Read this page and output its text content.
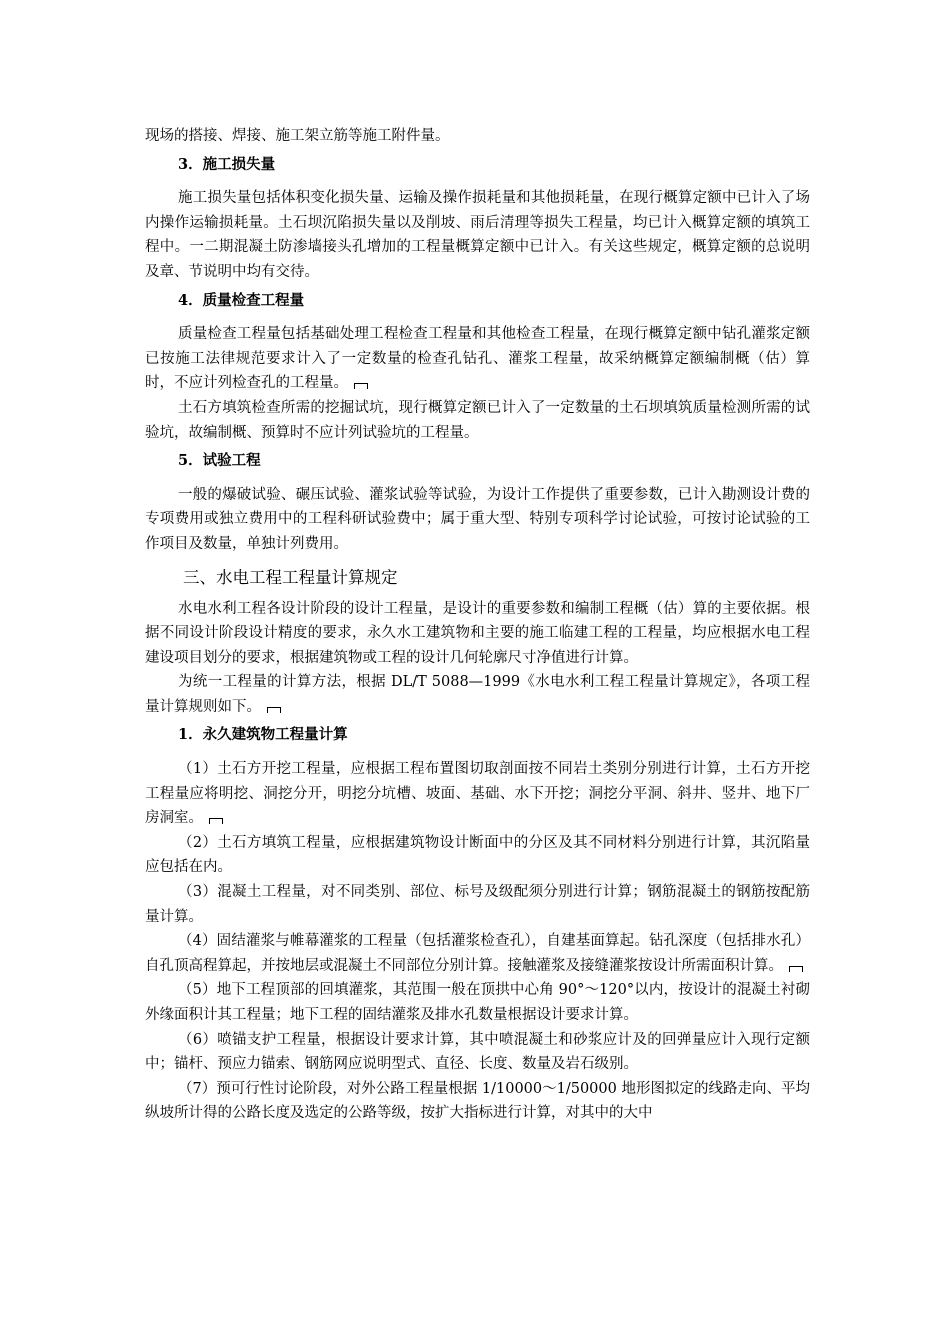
现场的搭接、焊接、施工架立筋等施工附件量。

3．施工损失量

施工损失量包括体积变化损失量、运输及操作损耗量和其他损耗量，在现行概算定额中已计入了场内操作运输损耗量。土石坝沉陷损失量以及削坡、雨后清理等损失工程量，均已计入概算定额的填筑工程中。一二期混凝土防渗墙接头孔增加的工程量概算定额中已计入。有关这些规定，概算定额的总说明及章、节说明中均有交待。

4．质量检查工程量

质量检查工程量包括基础处理工程检查工程量和其他检查工程量，在现行概算定额中钻孔灌浆定额已按施工法律规范要求计入了一定数量的检查孔钻孔、灌浆工程量，故采纳概算定额编制概（估）算时，不应计列检查孔的工程量。

土石方填筑检查所需的挖掘试坑，现行概算定额已计入了一定数量的土石坝填筑质量检测所需的试验坑，故编制概、预算时不应计列试验坑的工程量。

5．试验工程

一般的爆破试验、碾压试验、灌浆试验等试验，为设计工作提供了重要参数，已计入勘测设计费的专项费用或独立费用中的工程科研试验费中；属于重大型、特别专项科学讨论试验，可按讨论试验的工作项目及数量，单独计列费用。

三、水电工程工程量计算规定

水电水利工程各设计阶段的设计工程量，是设计的重要参数和编制工程概（估）算的主要依据。根据不同设计阶段设计精度的要求，永久水工建筑物和主要的施工临建工程的工程量，均应根据水电工程建设项目划分的要求，根据建筑物或工程的设计几何轮廓尺寸净值进行计算。

为统一工程量的计算方法，根据 DL/T 5088—1999《水电水利工程工程量计算规定》，各项工程量计算规则如下。

1．永久建筑物工程量计算

（1）土石方开挖工程量，应根据工程布置图切取剖面按不同岩土类别分别进行计算，土石方开挖工程量应将明挖、洞挖分开，明挖分坑槽、坡面、基础、水下开挖；洞挖分平洞、斜井、竖井、地下厂房洞室。

（2）土石方填筑工程量，应根据建筑物设计断面中的分区及其不同材料分别进行计算，其沉陷量应包括在内。

（3）混凝土工程量，对不同类别、部位、标号及级配须分别进行计算；钢筋混凝土的钢筋按配筋量计算。

（4）固结灌浆与帷幕灌浆的工程量（包括灌浆检查孔），自建基面算起。钻孔深度（包括排水孔）自孔顶高程算起，并按地层或混凝土不同部位分别计算。接触灌浆及接缝灌浆按设计所需面积计算。

（5）地下工程顶部的回填灌浆，其范围一般在顶拱中心角 90°～120°以内，按设计的混凝土衬砌外缘面积计其工程量；地下工程的固结灌浆及排水孔数量根据设计要求计算。

（6）喷锚支护工程量，根据设计要求计算，其中喷混凝土和砂浆应计及的回弹量应计入现行定额中；锚杆、预应力锚索、钢筋网应说明型式、直径、长度、数量及岩石级别。

（7）预可行性讨论阶段，对外公路工程量根据 1/10000～1/50000 地形图拟定的线路走向、平均纵坡所计得的公路长度及选定的公路等级，按扩大指标进行计算，对其中的大中
